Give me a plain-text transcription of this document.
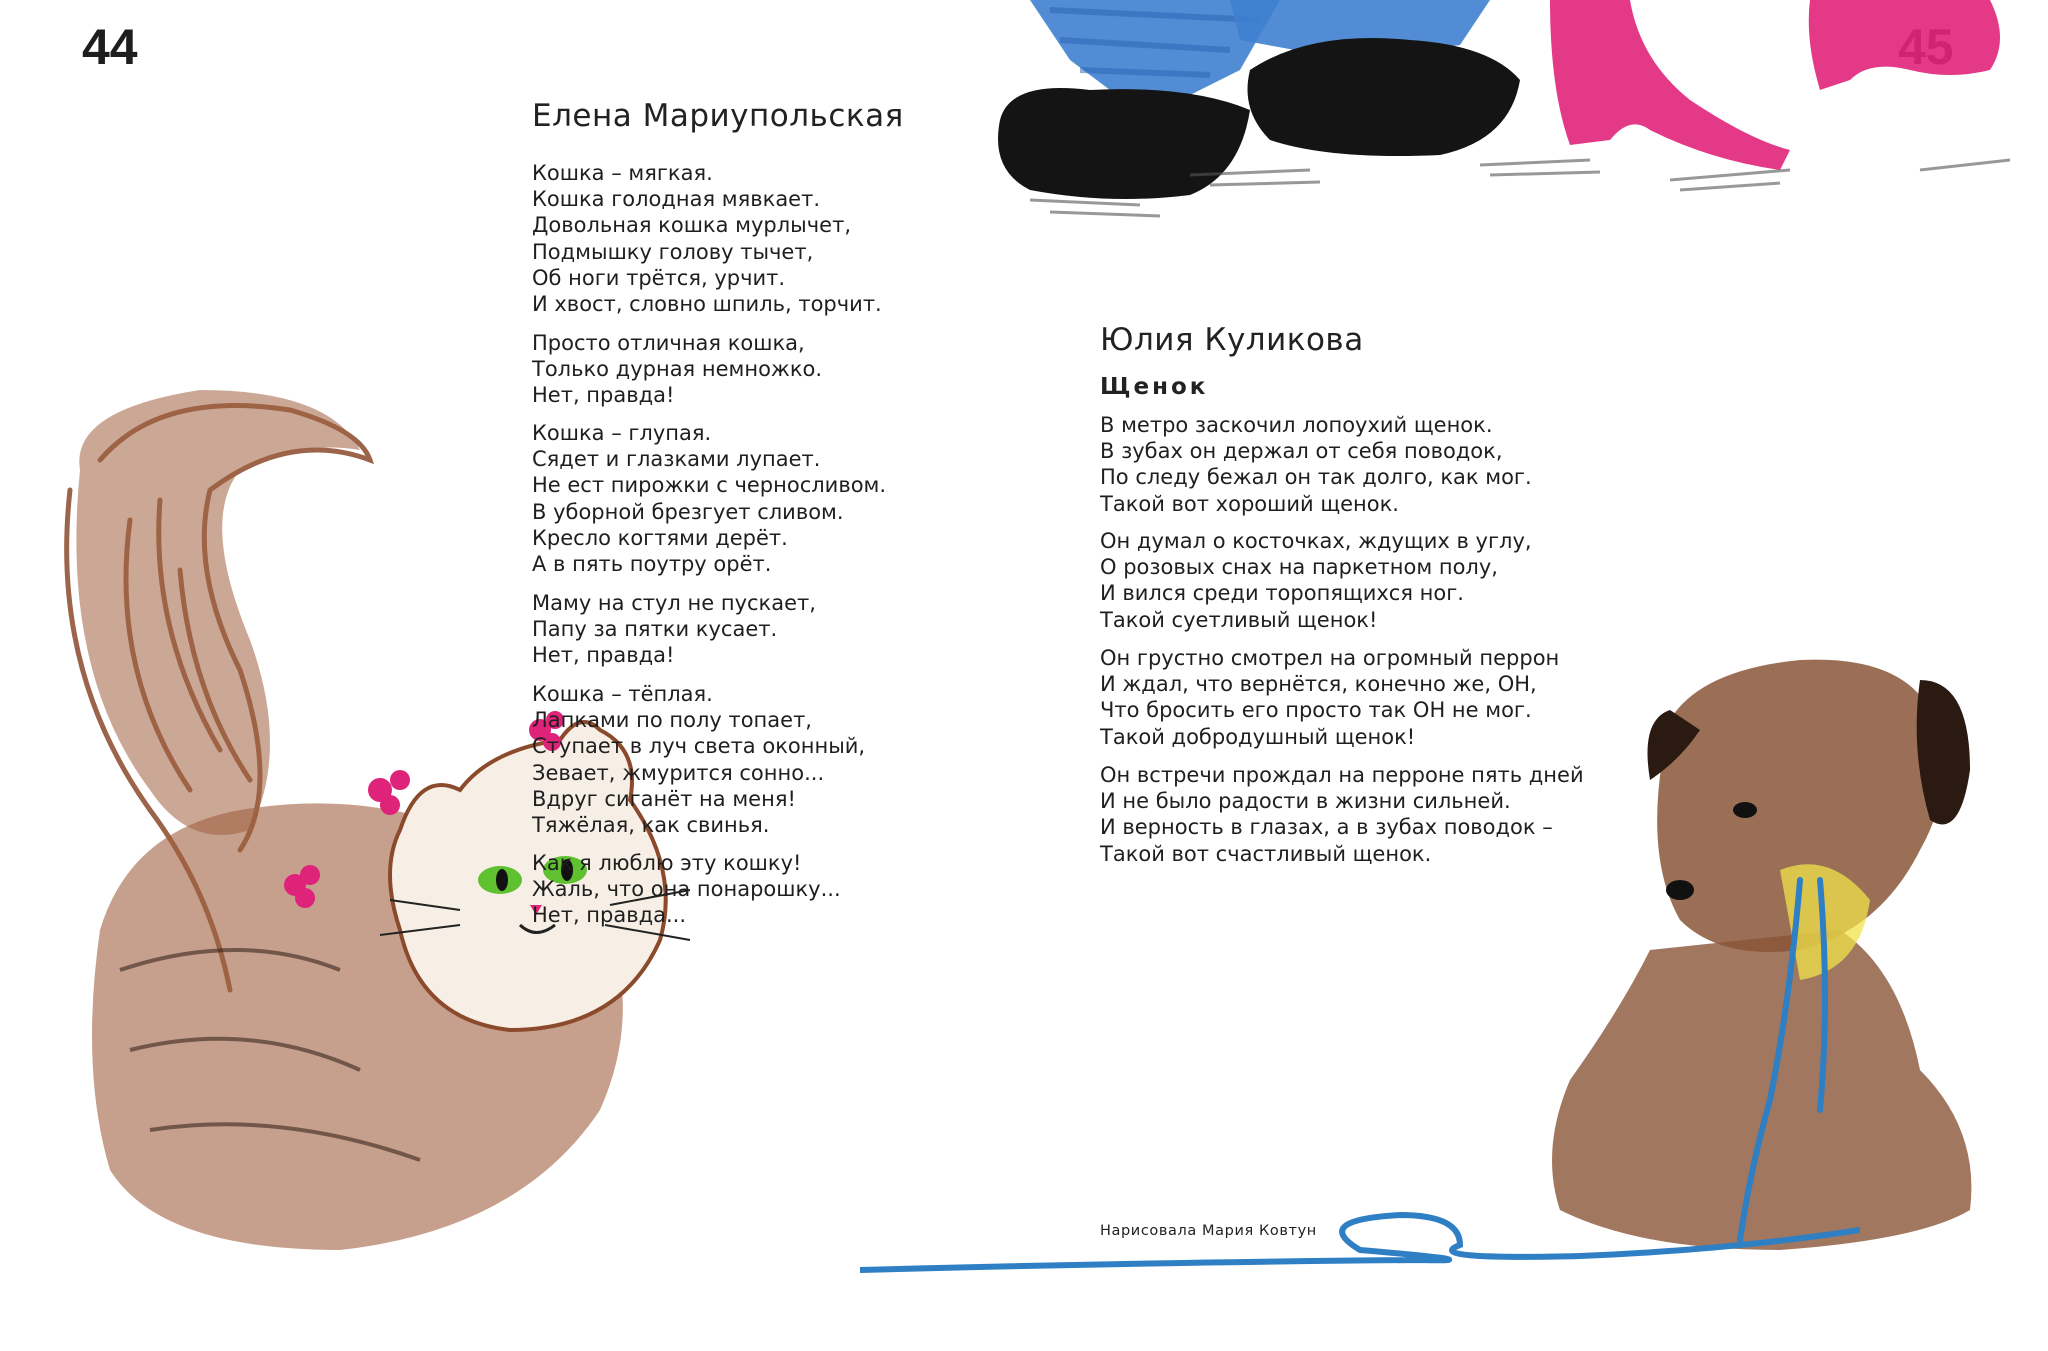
44
Елена Мариупольская
Кошка – мягкая.
Кошка голодная мявкает.
Довольная кошка мурлычет,
Подмышку голову тычет,
Об ноги трётся, урчит.
И хвост, словно шпиль, торчит.
Просто отличная кошка,
Только дурная немножко.
Нет, правда!
Кошка – глупая.
Сядет и глазками лупает.
Не ест пирожки с черносливом.
В уборной брезгует сливом.
Кресло когтями дерёт.
А в пять поутру орёт.
Маму на стул не пускает,
Папу за пятки кусает.
Нет, правда!
Кошка – тёплая.
Лапками по полу топает,
Ступает в луч света оконный,
Зевает, жмурится сонно...
Вдруг сиганёт на меня!
Тяжёлая, как свинья.
Как я люблю эту кошку!
Жаль, что она понарошку...
Нет, правда...
Юлия Куликова
Щенок
В метро заскочил лопоухий щенок.
В зубах он держал от себя поводок,
По следу бежал он так долго, как мог.
Такой вот хороший щенок.
Он думал о косточках, ждущих в углу,
О розовых снах на паркетном полу,
И вился среди торопящихся ног.
Такой суетливый щенок!
Он грустно смотрел на огромный перрон
И ждал, что вернётся, конечно же, ОН,
Что бросить его просто так ОН не мог.
Такой добродушный щенок!
Он встречи прождал на перроне пять дней
И не было радости в жизни сильней.
И верность в глазах, а в зубах поводок –
Такой вот счастливый щенок.
Нарисовала Мария Ковтун
